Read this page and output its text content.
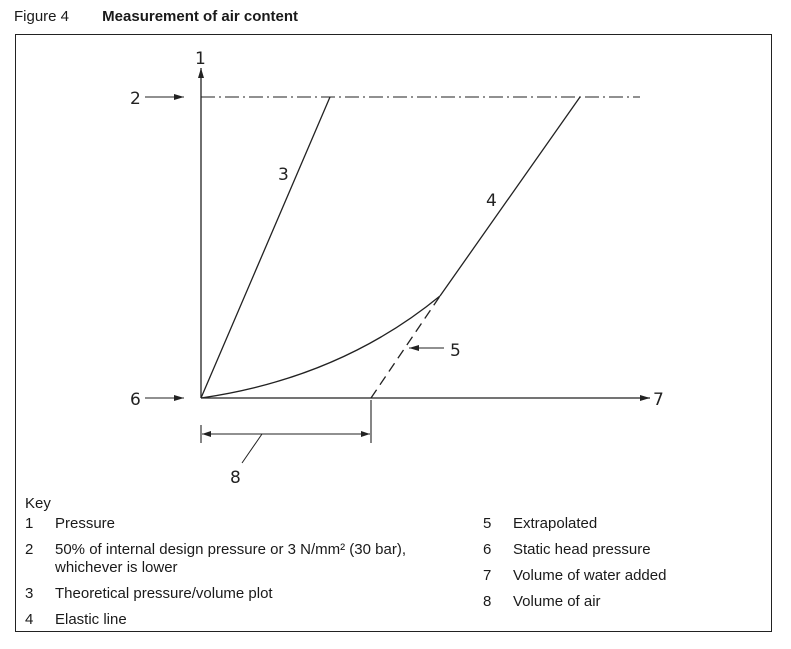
Figure 4 Measurement of air content
1
2
3
4
5
6	7
8
Key
1 Pressure
2 50% of internal design pressure or 3 N/mm² (30 bar),
whichever is lower
3 Theoretical pressure/volume plot
4 Elastic line
5 Extrapolated
6 Static head pressure
7 Volume of water added
8 Volume of air
